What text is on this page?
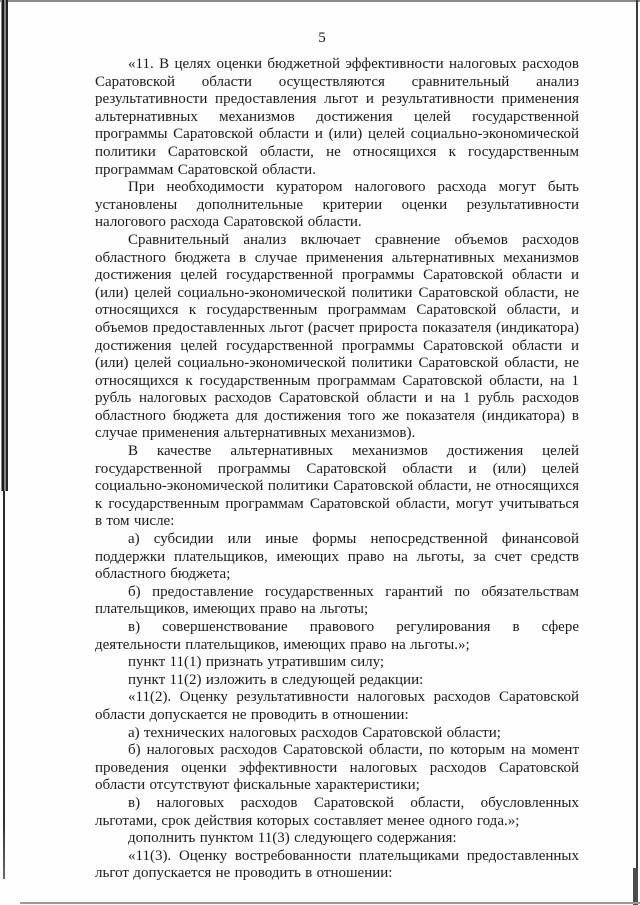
5

«11. В целях оценки бюджетной эффективности налоговых расходов Саратовской области осуществляются сравнительный анализ результативности предоставления льгот и результативности применения альтернативных механизмов достижения целей государственной программы Саратовской области и (или) целей социально-экономической политики Саратовской области, не относящихся к государственным программам Саратовской области.

При необходимости куратором налогового расхода могут быть установлены дополнительные критерии оценки результативности налогового расхода Саратовской области.

Сравнительный анализ включает сравнение объемов расходов областного бюджета в случае применения альтернативных механизмов достижения целей государственной программы Саратовской области и (или) целей социально-экономической политики Саратовской области, не относящихся к государственным программам Саратовской области, и объемов предоставленных льгот (расчет прироста показателя (индикатора) достижения целей государственной программы Саратовской области и (или) целей социально-экономической политики Саратовской области, не относящихся к государственным программам Саратовской области, на 1 рубль налоговых расходов Саратовской области и на 1 рубль расходов областного бюджета для достижения того же показателя (индикатора) в случае применения альтернативных механизмов).

В качестве альтернативных механизмов достижения целей государственной программы Саратовской области и (или) целей социально-экономической политики Саратовской области, не относящихся к государственным программам Саратовской области, могут учитываться в том числе:

а) субсидии или иные формы непосредственной финансовой поддержки плательщиков, имеющих право на льготы, за счет средств областного бюджета;

б) предоставление государственных гарантий по обязательствам плательщиков, имеющих право на льготы;

в) совершенствование правового регулирования в сфере деятельности плательщиков, имеющих право на льготы.»;

пункт 11(1) признать утратившим силу;

пункт 11(2) изложить в следующей редакции:

«11(2). Оценку результативности налоговых расходов Саратовской области допускается не проводить в отношении:

а) технических налоговых расходов Саратовской области;

б) налоговых расходов Саратовской области, по которым на момент проведения оценки эффективности налоговых расходов Саратовской области отсутствуют фискальные характеристики;

в) налоговых расходов Саратовской области, обусловленных льготами, срок действия которых составляет менее одного года.»;

дополнить пунктом 11(3) следующего содержания:

«11(3). Оценку востребованности плательщиками предоставленных льгот допускается не проводить в отношении:
